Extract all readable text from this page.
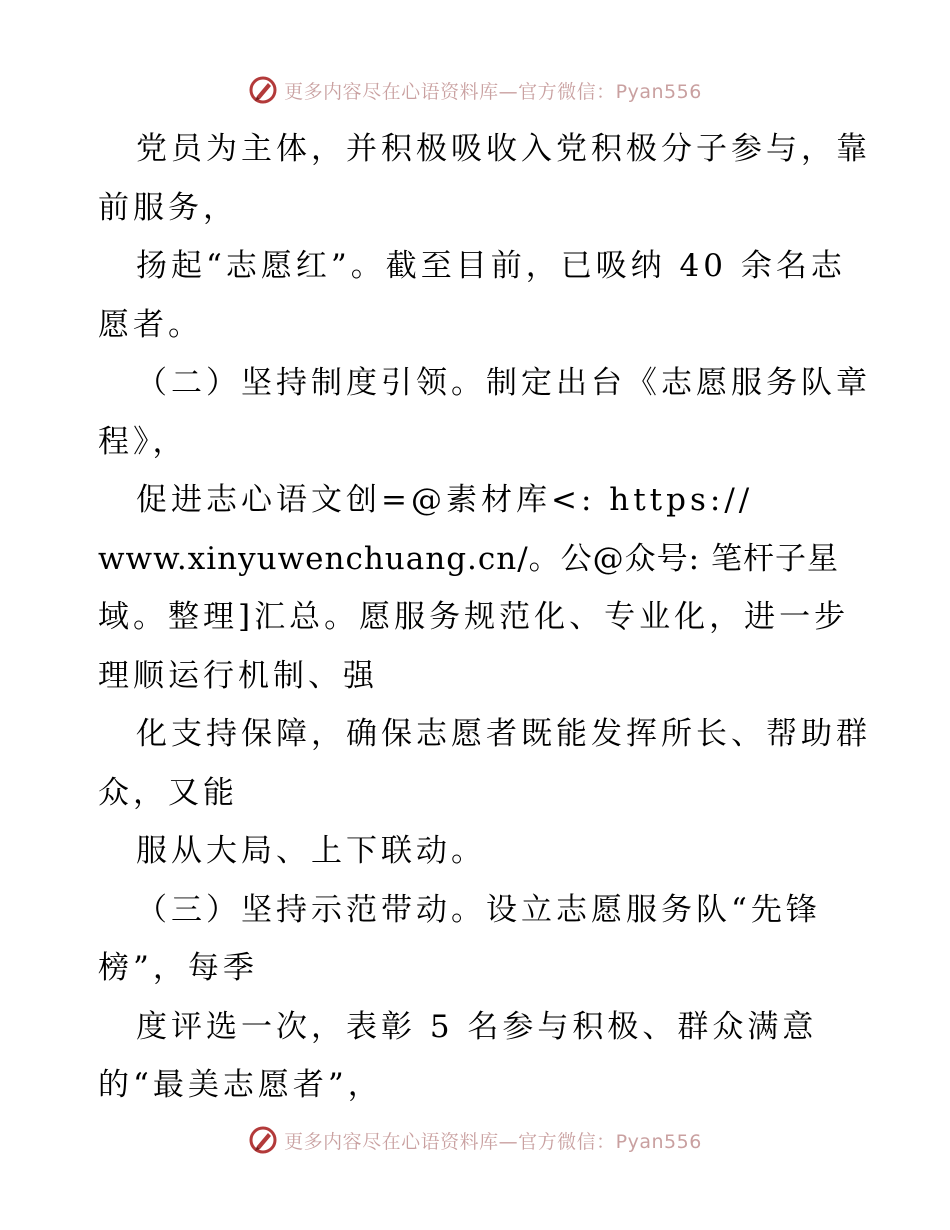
更多内容尽在心语资料库—官方微信：Pyan556
党员为主体，并积极吸收入党积极分子参与，靠
前服务，
扬起“志愿红”。截至目前，已吸纳 40 余名志
愿者。
（二）坚持制度引领。制定出台《志愿服务队章
程》，
促进志心语文创=@素材库<: https://
www.xinyuwenchuang.cn/。公@众号: 笔杆子星
域。整理]汇总。愿服务规范化、专业化，进一步
理顺运行机制、强
化支持保障，确保志愿者既能发挥所长、帮助群
众，又能
服从大局、上下联动。
（三）坚持示范带动。设立志愿服务队“先锋
榜”，每季
度评选一次，表彰 5 名参与积极、群众满意
的“最美志愿者”，
更多内容尽在心语资料库—官方微信：Pyan556
